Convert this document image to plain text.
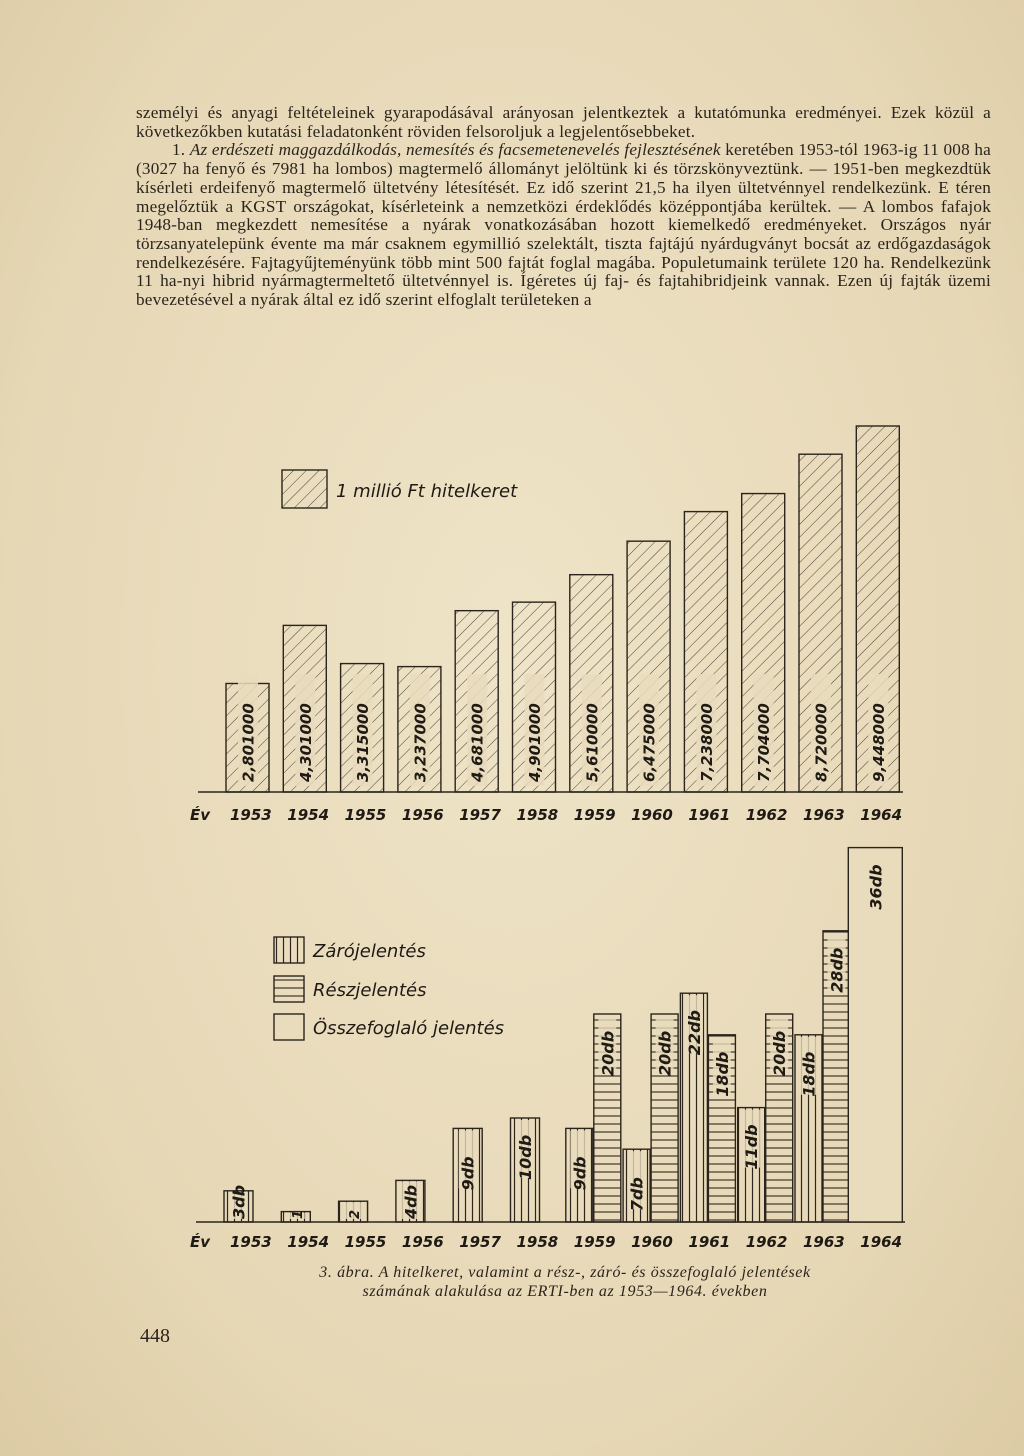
személyi és anyagi feltételeinek gyarapodásával arányosan jelentkeztek a kutatómunka eredményei. Ezek közül a következőkben kutatási feladatonként röviden felsoroljuk a legjelentősebbeket.

1. Az erdészeti maggazdálkodás, nemesítés és facsemetenevelés fejlesztésének keretében 1953-tól 1963-ig 11 008 ha (3027 ha fenyő és 7981 ha lombos) magtermelő állományt jelöltünk ki és törzskönyveztünk. — 1951-ben megkezdtük kísérleti erdeifenyő magtermelő ültetvény létesítését. Ez idő szerint 21,5 ha ilyen ültetvénnyel rendelkezünk. E téren megelőztük a KGST országokat, kísérleteink a nemzetközi érdeklődés középpontjába kerültek. — A lombos fafajok 1948-ban megkezdett nemesítése a nyárak vonatkozásában hozott kiemelkedő eredményeket. Országos nyár törzsanyatelepünk évente ma már csaknem egymillió szelektált, tiszta fajtájú nyárdugványt bocsát az erdőgazdaságok rendelkezésére. Fajtagyűjteményünk több mint 500 fajtát foglal magába. Populetumaink területe 120 ha. Rendelkezünk 11 ha-nyi hibrid nyármagtermeltető ültetvénnyel is. Ígéretes új faj- és fajtahibridjeink vannak. Ezen új fajták üzemi bevezetésével a nyárak által ez idő szerint elfoglalt területeken a

2,801000
1953
4,301000
1954
3,315000
1955
3,237000
1956
4,681000
1957
4,901000
1958
5,610000
1959
6,475000
1960
7,238000
1961
7,704000
1962
8,720000
1963
9,448000
1964
Év
1 millió Ft hitelkeret
3db	1	2 4db
9db 10db 9db
20db
7db
20db 22db
18db
11db
20db 18db
28db
36db
1953 1954 1955 1956 1957 1958 1959 1960 1961 1962 1963 1964
Év
Zárójelentés
Részjelentés
Összefoglaló jelentés
3. ábra. A hitelkeret, valamint a rész-, záró- és összefoglaló jelentések
számának alakulása az ERTI-ben az 1953—1964. években
448
